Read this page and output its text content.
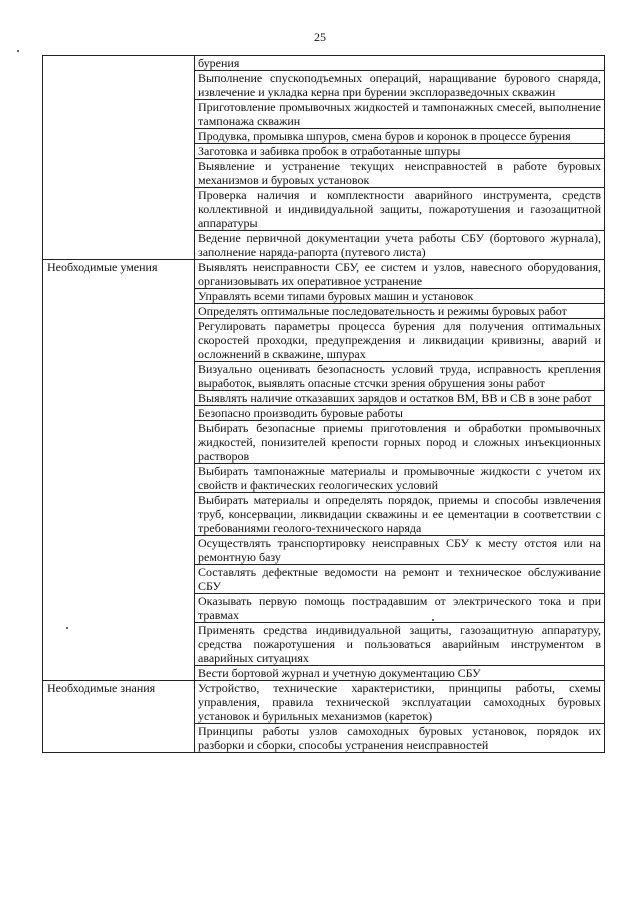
25
	бурения
	Выполнение спускоподъемных операций, наращивание бурового снаряда, извлечение и укладка керна при бурении эксплоразведочных скважин
	Приготовление промывочных жидкостей и тампонажных смесей, выполнение тампонажа скважин
	Продувка, промывка шпуров, смена буров и коронок в процессе бурения
	Заготовка и забивка пробок в отработанные шпуры
	Выявление и устранение текущих неисправностей в работе буровых механизмов и буровых установок
	Проверка наличия и комплектности аварийного инструмента, средств коллективной и индивидуальной защиты, пожаротушения и газозащитной аппаратуры
	Ведение первичной документации учета работы СБУ (бортового журнала), заполнение наряда-рапорта (путевого листа)
Необходимые умения	Выявлять неисправности СБУ, ее систем и узлов, навесного оборудования, организовывать их оперативное устранение
	Управлять всеми типами буровых машин и установок
	Определять оптимальные последовательность и режимы буровых работ
	Регулировать параметры процесса бурения для получения оптимальных скоростей проходки, предупреждения и ликвидации кривизны, аварий и осложнений в скважине, шпурах
	Визуально оценивать безопасность условий труда, исправность крепления выработок, выявлять опасные стсчки зрения обрушения зоны работ
	Выявлять наличие отказавших зарядов и остатков ВМ, ВВ и СВ в зоне работ
	Безопасно производить буровые работы
	Выбирать безопасные приемы приготовления и обработки промывочных жидкостей, понизителей крепости горных пород и сложных инъекционных растворов
	Выбирать тампонажные материалы и промывочные жидкости с учетом их свойств и фактических геологических условий
	Выбирать материалы и определять порядок, приемы и способы извлечения труб, консервации, ликвидации скважины и ее цементации в соответствии с требованиями геолого-технического наряда
	Осуществлять транспортировку неисправных СБУ к месту отстоя или на ремонтную базу
	Составлять дефектные ведомости на ремонт и техническое обслуживание СБУ
	Оказывать первую помощь пострадавшим от электрического тока и при травмах
	Применять средства индивидуальной защиты, газозащитную аппаратуру, средства пожаротушения и пользоваться аварийным инструментом в аварийных ситуациях
	Вести бортовой журнал и учетную документацию СБУ
Необходимые знания	Устройство, технические характеристики, принципы работы, схемы управления, правила технической эксплуатации самоходных буровых установок и бурильных механизмов (кареток)
	Принципы работы узлов самоходных буровых установок, порядок их разборки и сборки, способы устранения неисправностей
